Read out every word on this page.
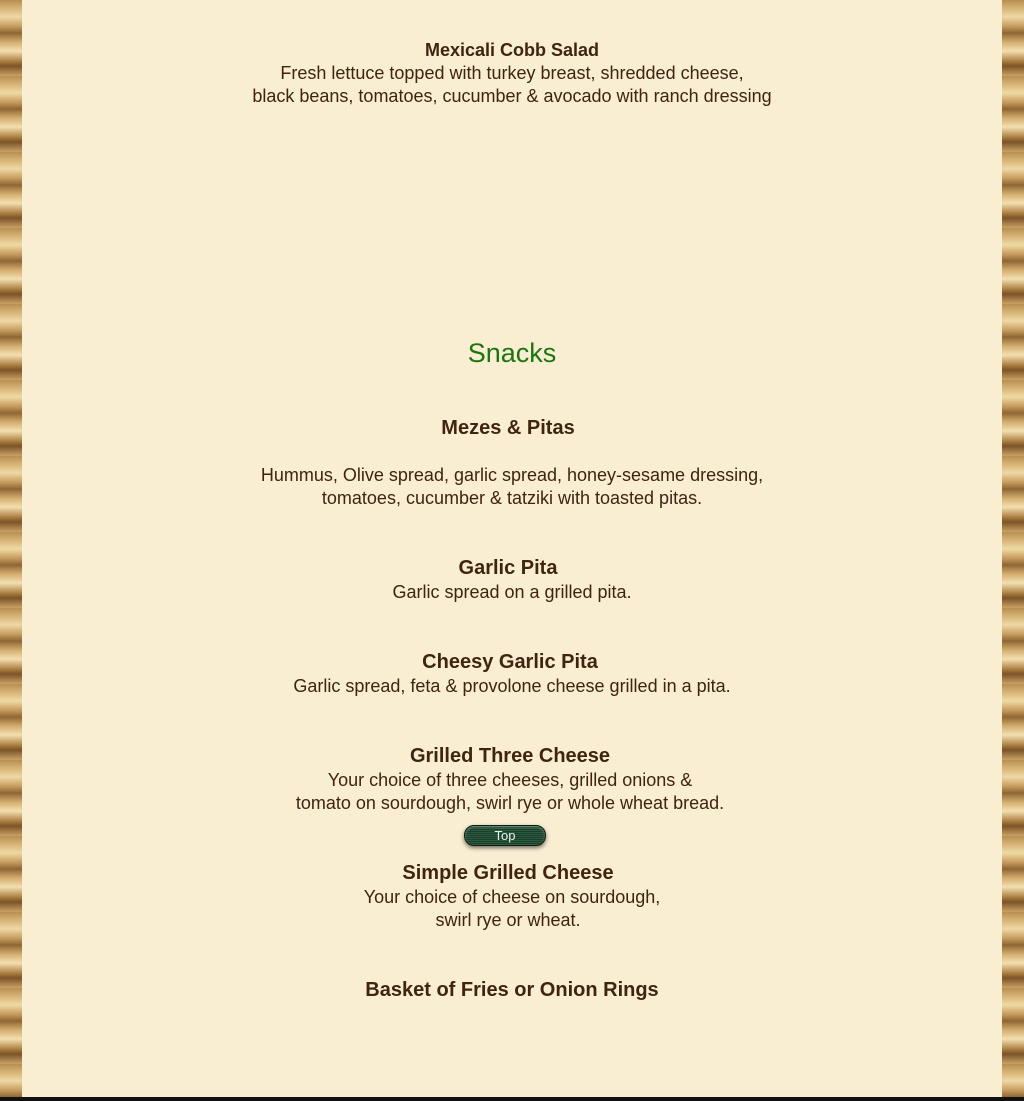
Mexicali Cobb Salad
Fresh lettuce topped with turkey breast, shredded cheese,
black beans, tomatoes, cucumber & avocado with ranch dressing
Snacks
Mezes & Pitas
Hummus, Olive spread, garlic spread, honey-sesame dressing,
tomatoes, cucumber & tatziki with toasted pitas.
Garlic Pita
Garlic spread on a grilled pita.
Cheesy Garlic Pita
Garlic spread, feta & provolone cheese grilled in a pita.
Grilled Three Cheese
Your choice of three cheeses, grilled onions &
tomato on sourdough, swirl rye or whole wheat bread.
Top
Simple Grilled Cheese
Your choice of cheese on sourdough,
swirl rye or wheat.
Basket of Fries or Onion Rings
